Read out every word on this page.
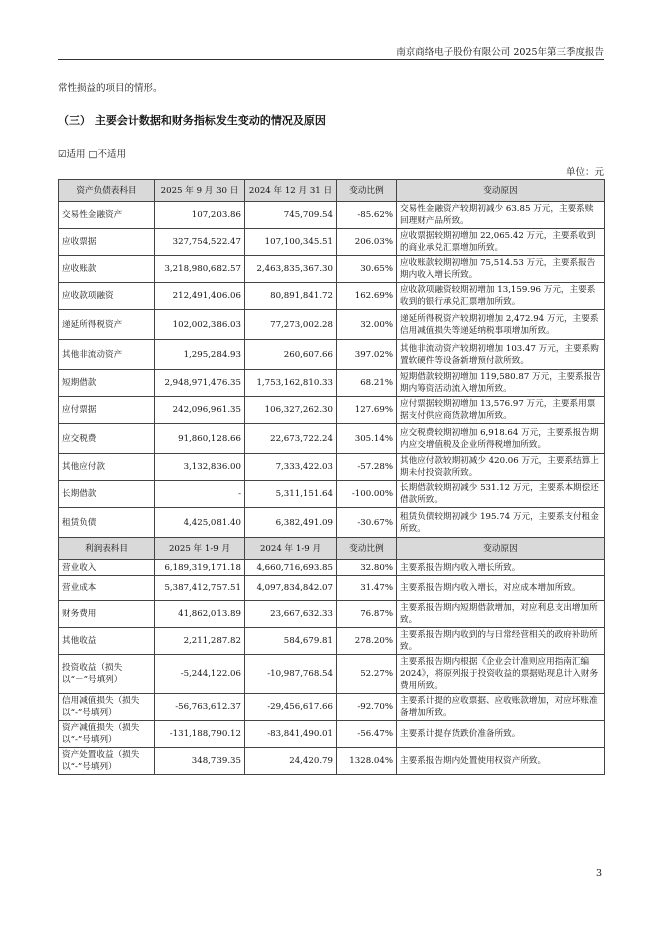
南京商络电子股份有限公司 2025年第三季度报告
常性损益的项目的情形。
（三） 主要会计数据和财务指标发生变动的情况及原因
☑适用 □不适用
单位：元
资产负债表科目	2025 年 9 月 30 日	2024 年 12 月 31 日	变动比例	变动原因
交易性金融资产	107,203.86	745,709.54	-85.62%	交易性金融资产较期初减少 63.85 万元，主要系赎回理财产品所致。
应收票据	327,754,522.47	107,100,345.51	206.03%	应收票据较期初增加 22,065.42 万元，主要系收到的商业承兑汇票增加所致。
应收账款	3,218,980,682.57	2,463,835,367.30	30.65%	应收账款较期初增加 75,514.53 万元，主要系报告期内收入增长所致。
应收款项融资	212,491,406.06	80,891,841.72	162.69%	应收款项融资较期初增加 13,159.96 万元，主要系收到的银行承兑汇票增加所致。
递延所得税资产	102,002,386.03	77,273,002.28	32.00%	递延所得税资产较期初增加 2,472.94 万元，主要系信用减值损失等递延纳税事项增加所致。
其他非流动资产	1,295,284.93	260,607.66	397.02%	其他非流动资产较期初增加 103.47 万元，主要系购置软硬件等设备新增预付款所致。
短期借款	2,948,971,476.35	1,753,162,810.33	68.21%	短期借款较期初增加 119,580.87 万元，主要系报告期内筹资活动流入增加所致。
应付票据	242,096,961.35	106,327,262.30	127.69%	应付票据较期初增加 13,576.97 万元，主要系用票据支付供应商货款增加所致。
应交税费	91,860,128.66	22,673,722.24	305.14%	应交税费较期初增加 6,918.64 万元，主要系报告期内应交增值税及企业所得税增加所致。
其他应付款	3,132,836.00	7,333,422.03	-57.28%	其他应付款较期初减少 420.06 万元，主要系结算上期未付投资款所致。
长期借款	-	5,311,151.64	-100.00%	长期借款较期初减少 531.12 万元，主要系本期偿还借款所致。
租赁负债	4,425,081.40	6,382,491.09	-30.67%	租赁负债较期初减少 195.74 万元，主要系支付租金所致。
利润表科目	2025 年 1-9 月	2024 年 1-9 月	变动比例	变动原因
营业收入	6,189,319,171.18	4,660,716,693.85	32.80%	主要系报告期内收入增长所致。
营业成本	5,387,412,757.51	4,097,834,842.07	31.47%	主要系报告期内收入增长，对应成本增加所致。
财务费用	41,862,013.89	23,667,632.33	76.87%	主要系报告期内短期借款增加，对应利息支出增加所致。
其他收益	2,211,287.82	584,679.81	278.20%	主要系报告期内收到的与日常经营相关的政府补助所致。
投资收益（损失以“－”号填列）	-5,244,122.06	-10,987,768.54	52.27%	主要系报告期内根据《企业会计准则应用指南汇编2024》，将原列报于投资收益的票据贴现息计入财务费用所致。
信用减值损失（损失以“-”号填列）	-56,763,612.37	-29,456,617.66	-92.70%	主要系计提的应收票据、应收账款增加，对应坏账准备增加所致。
资产减值损失（损失以“-”号填列）	-131,188,790.12	-83,841,490.01	-56.47%	主要系计提存货跌价准备所致。
资产处置收益（损失以“-”号填列）	348,739.35	24,420.79	1328.04%	主要系报告期内处置使用权资产所致。
3
